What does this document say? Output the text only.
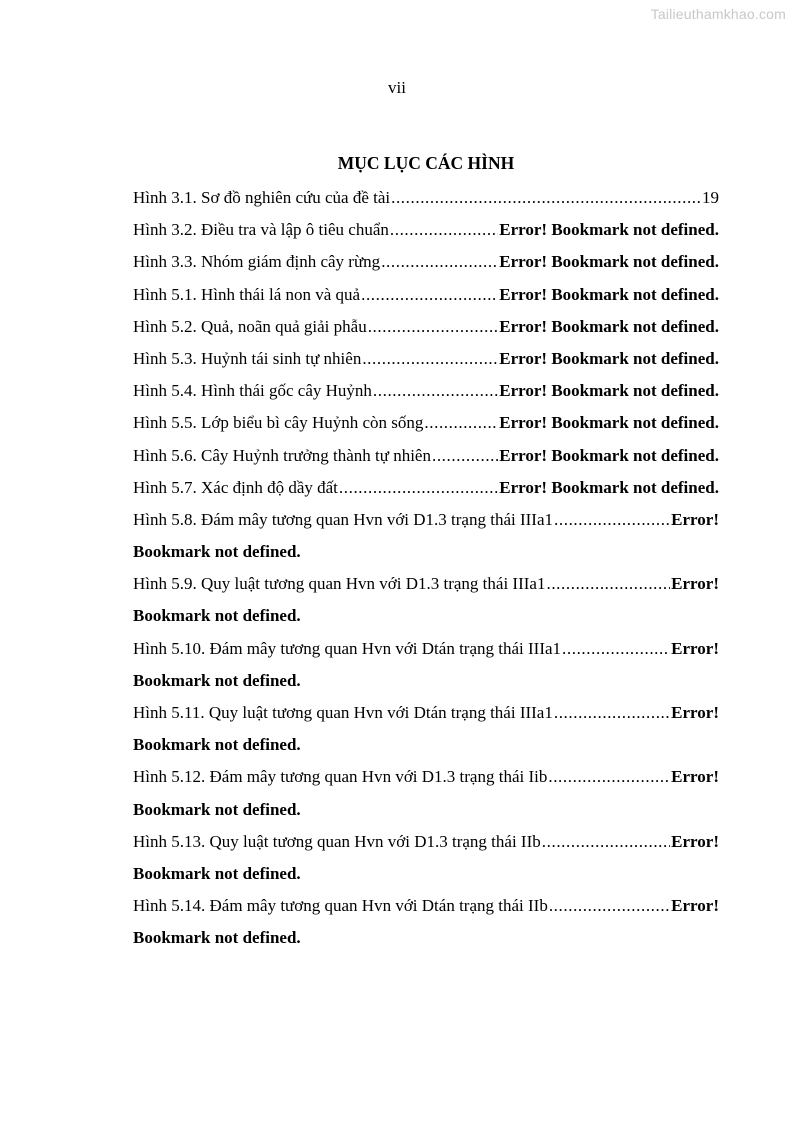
Tailieuthamkhao.com
vii
MỤC LỤC CÁC HÌNH
Hình 3.1. Sơ đồ nghiên cứu của đề tài .....	19
Hình 3.2. Điều tra và lập ô tiêu chuẩn .....	Error! Bookmark not defined.
Hình 3.3. Nhóm giám định cây rừng .....	Error! Bookmark not defined.
Hình 5.1. Hình thái lá non và quả .....	Error! Bookmark not defined.
Hình 5.2. Quả, noãn quả giải phẫu .....	Error! Bookmark not defined.
Hình 5.3. Huỷnh tái sinh tự nhiên .....	Error! Bookmark not defined.
Hình 5.4. Hình thái gốc cây Huỷnh .....	Error! Bookmark not defined.
Hình 5.5. Lớp biểu bì cây Huỷnh còn sống .....	Error! Bookmark not defined.
Hình 5.6. Cây Huỷnh trưởng thành tự nhiên .....	Error! Bookmark not defined.
Hình 5.7. Xác định độ dầy đất .....	Error! Bookmark not defined.
Hình 5.8. Đám mây tương quan Hvn với D1.3 trạng thái IIIa1 .....	Error!
Bookmark not defined.
Hình 5.9. Quy luật tương quan Hvn với D1.3 trạng thái IIIa1 .....	Error!
Bookmark not defined.
Hình 5.10. Đám mây tương quan Hvn với Dtán trạng thái IIIa1 .....	Error!
Bookmark not defined.
Hình 5.11. Quy luật tương quan Hvn với Dtán trạng thái IIIa1 .....	Error!
Bookmark not defined.
Hình 5.12. Đám mây tương quan Hvn với D1.3 trạng thái Iib .....	Error!
Bookmark not defined.
Hình 5.13. Quy luật tương quan Hvn với D1.3 trạng thái IIb .....	Error!
Bookmark not defined.
Hình 5.14. Đám mây tương quan Hvn với Dtán trạng thái IIb .....	Error!
Bookmark not defined.
